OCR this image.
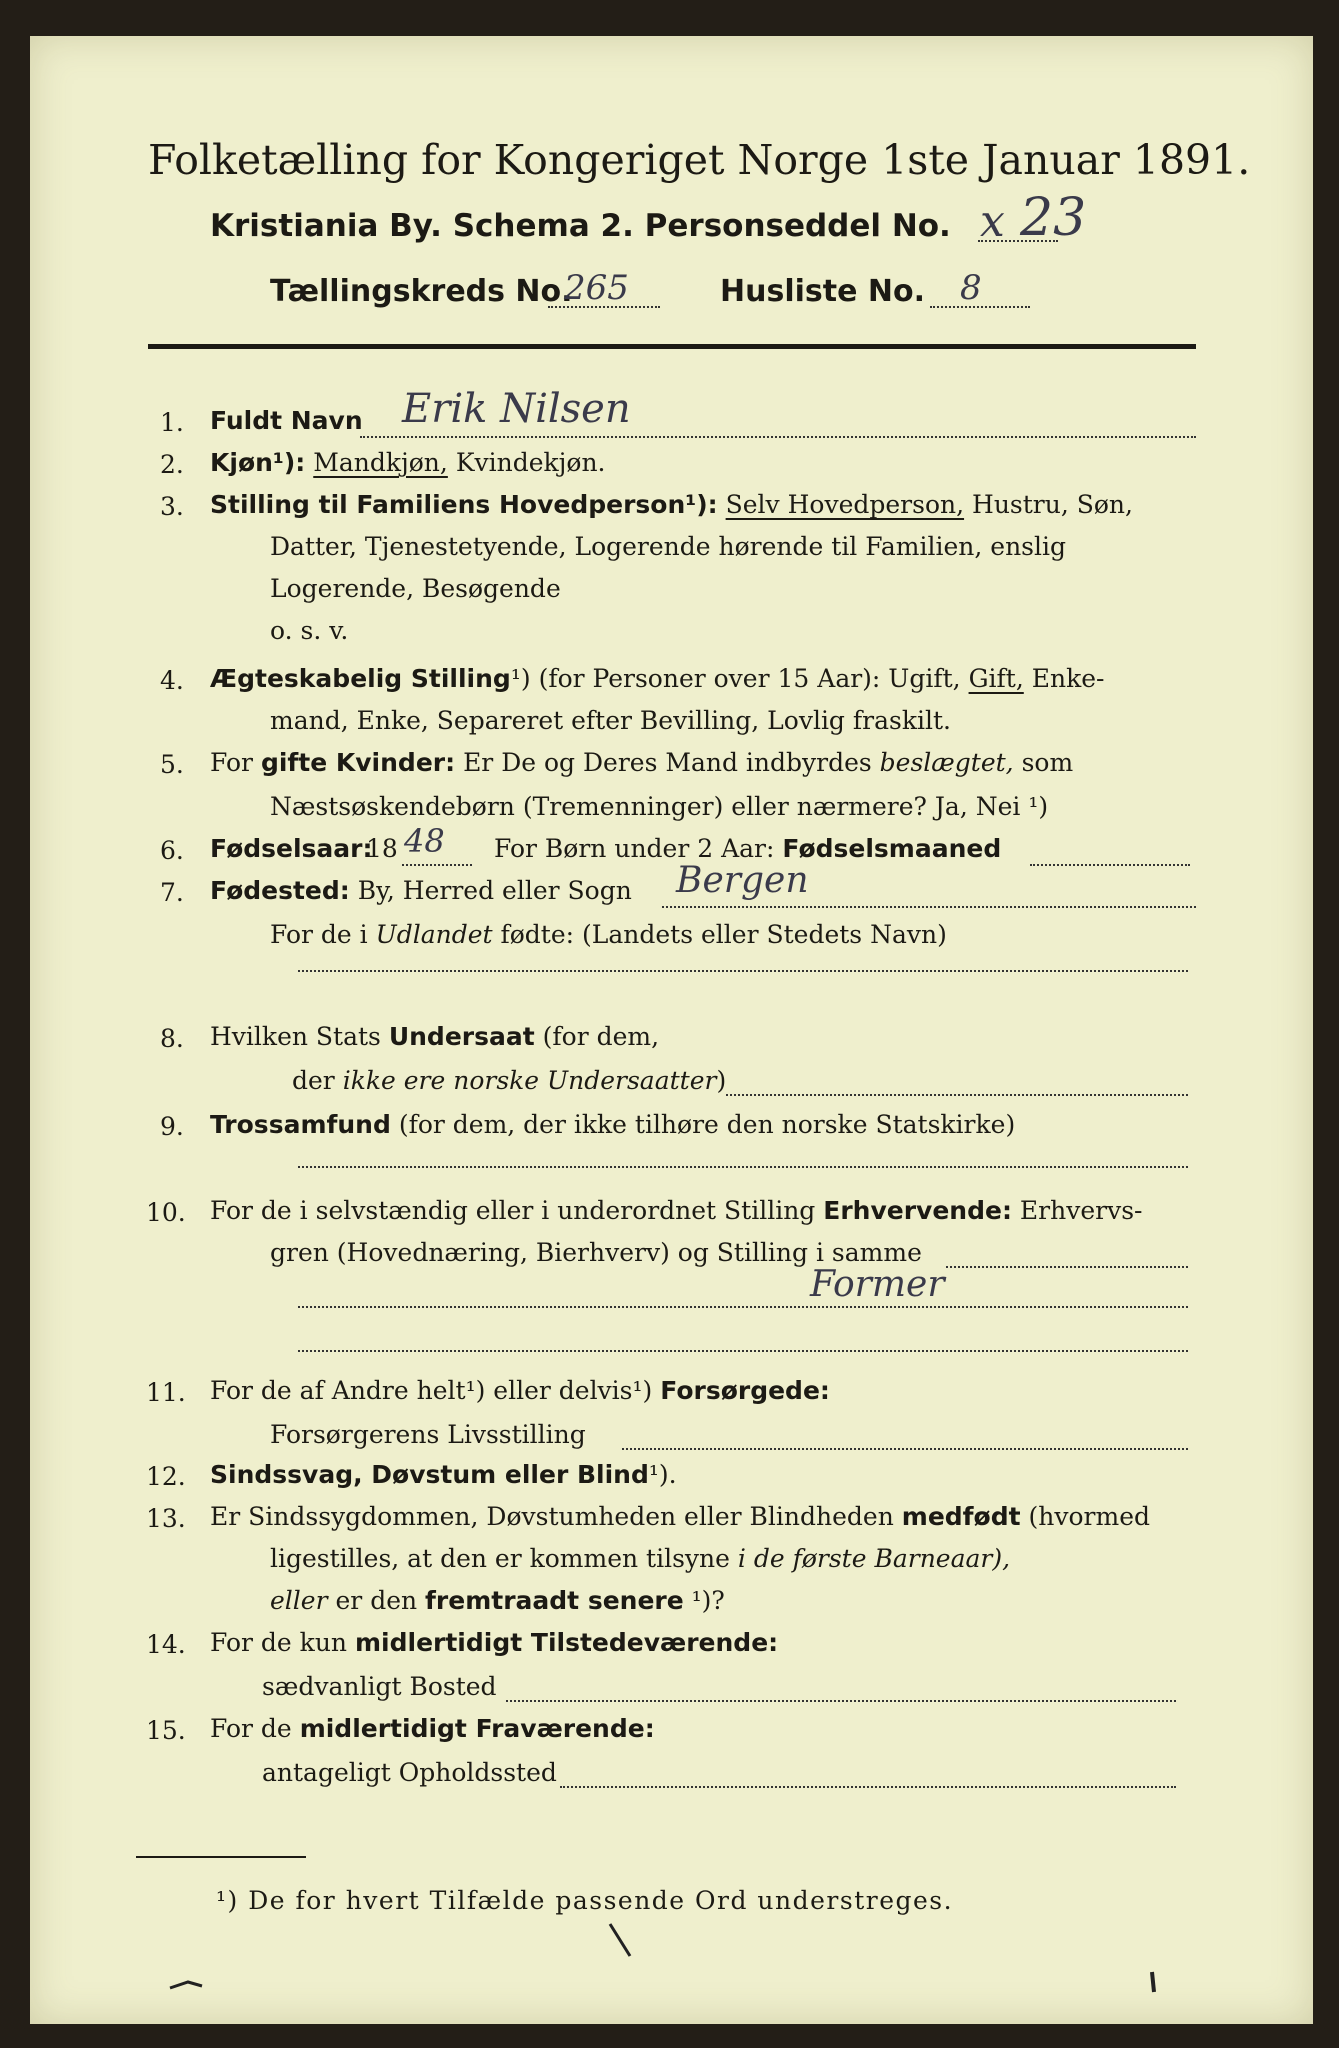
Folketælling for Kongeriget Norge 1ste Januar 1891.
Kristiania By. Schema 2. Personseddel No. x 23
Tællingskreds No.
265	Husliste No. 8
1. Fuldt Navn Erik Nilsen
2. Kjøn¹): Mandkjøn, Kvindekjøn.
3. Stilling til Familiens Hovedperson¹): Selv Hovedperson, Hustru, Søn,
Datter, Tjenestetyende, Logerende hørende til Familien, enslig
Logerende, Besøgende
o. s. v.
4. Ægteskabelig Stilling¹) (for Personer over 15 Aar): Ugift, Gift, Enke-
mand, Enke, Separeret efter Bevilling, Lovlig fraskilt.
5. For gifte Kvinder: Er De og Deres Mand indbyrdes beslægtet, som
Næstsøskendebørn (Tremenninger) eller nærmere? Ja, Nei ¹)
6. Fødselsaar:
18 48 For Børn under 2 Aar: Fødselsmaaned
7. Fødested: By, Herred eller Sogn Bergen
For de i Udlandet fødte: (Landets eller Stedets Navn)
8. Hvilken Stats Undersaat (for dem,
der ikke ere norske Undersaatter)
9. Trossamfund (for dem, der ikke tilhøre den norske Statskirke)
10. For de i selvstændig eller i underordnet Stilling Erhvervende: Erhvervs-
gren (Hovednæring, Bierhverv) og Stilling i samme
Former
11. For de af Andre helt¹) eller delvis¹) Forsørgede:
Forsørgerens Livsstilling
12. Sindssvag, Døvstum eller Blind¹).
13. Er Sindssygdommen, Døvstumheden eller Blindheden medfødt (hvormed
ligestilles, at den er kommen tilsyne i de første Barneaar),
eller er den fremtraadt senere ¹)?
14. For de kun midlertidigt Tilstedeværende:
sædvanligt Bosted
15. For de midlertidigt Fraværende:
antageligt Opholdssted
¹) De for hvert Tilfælde passende Ord understreges.
